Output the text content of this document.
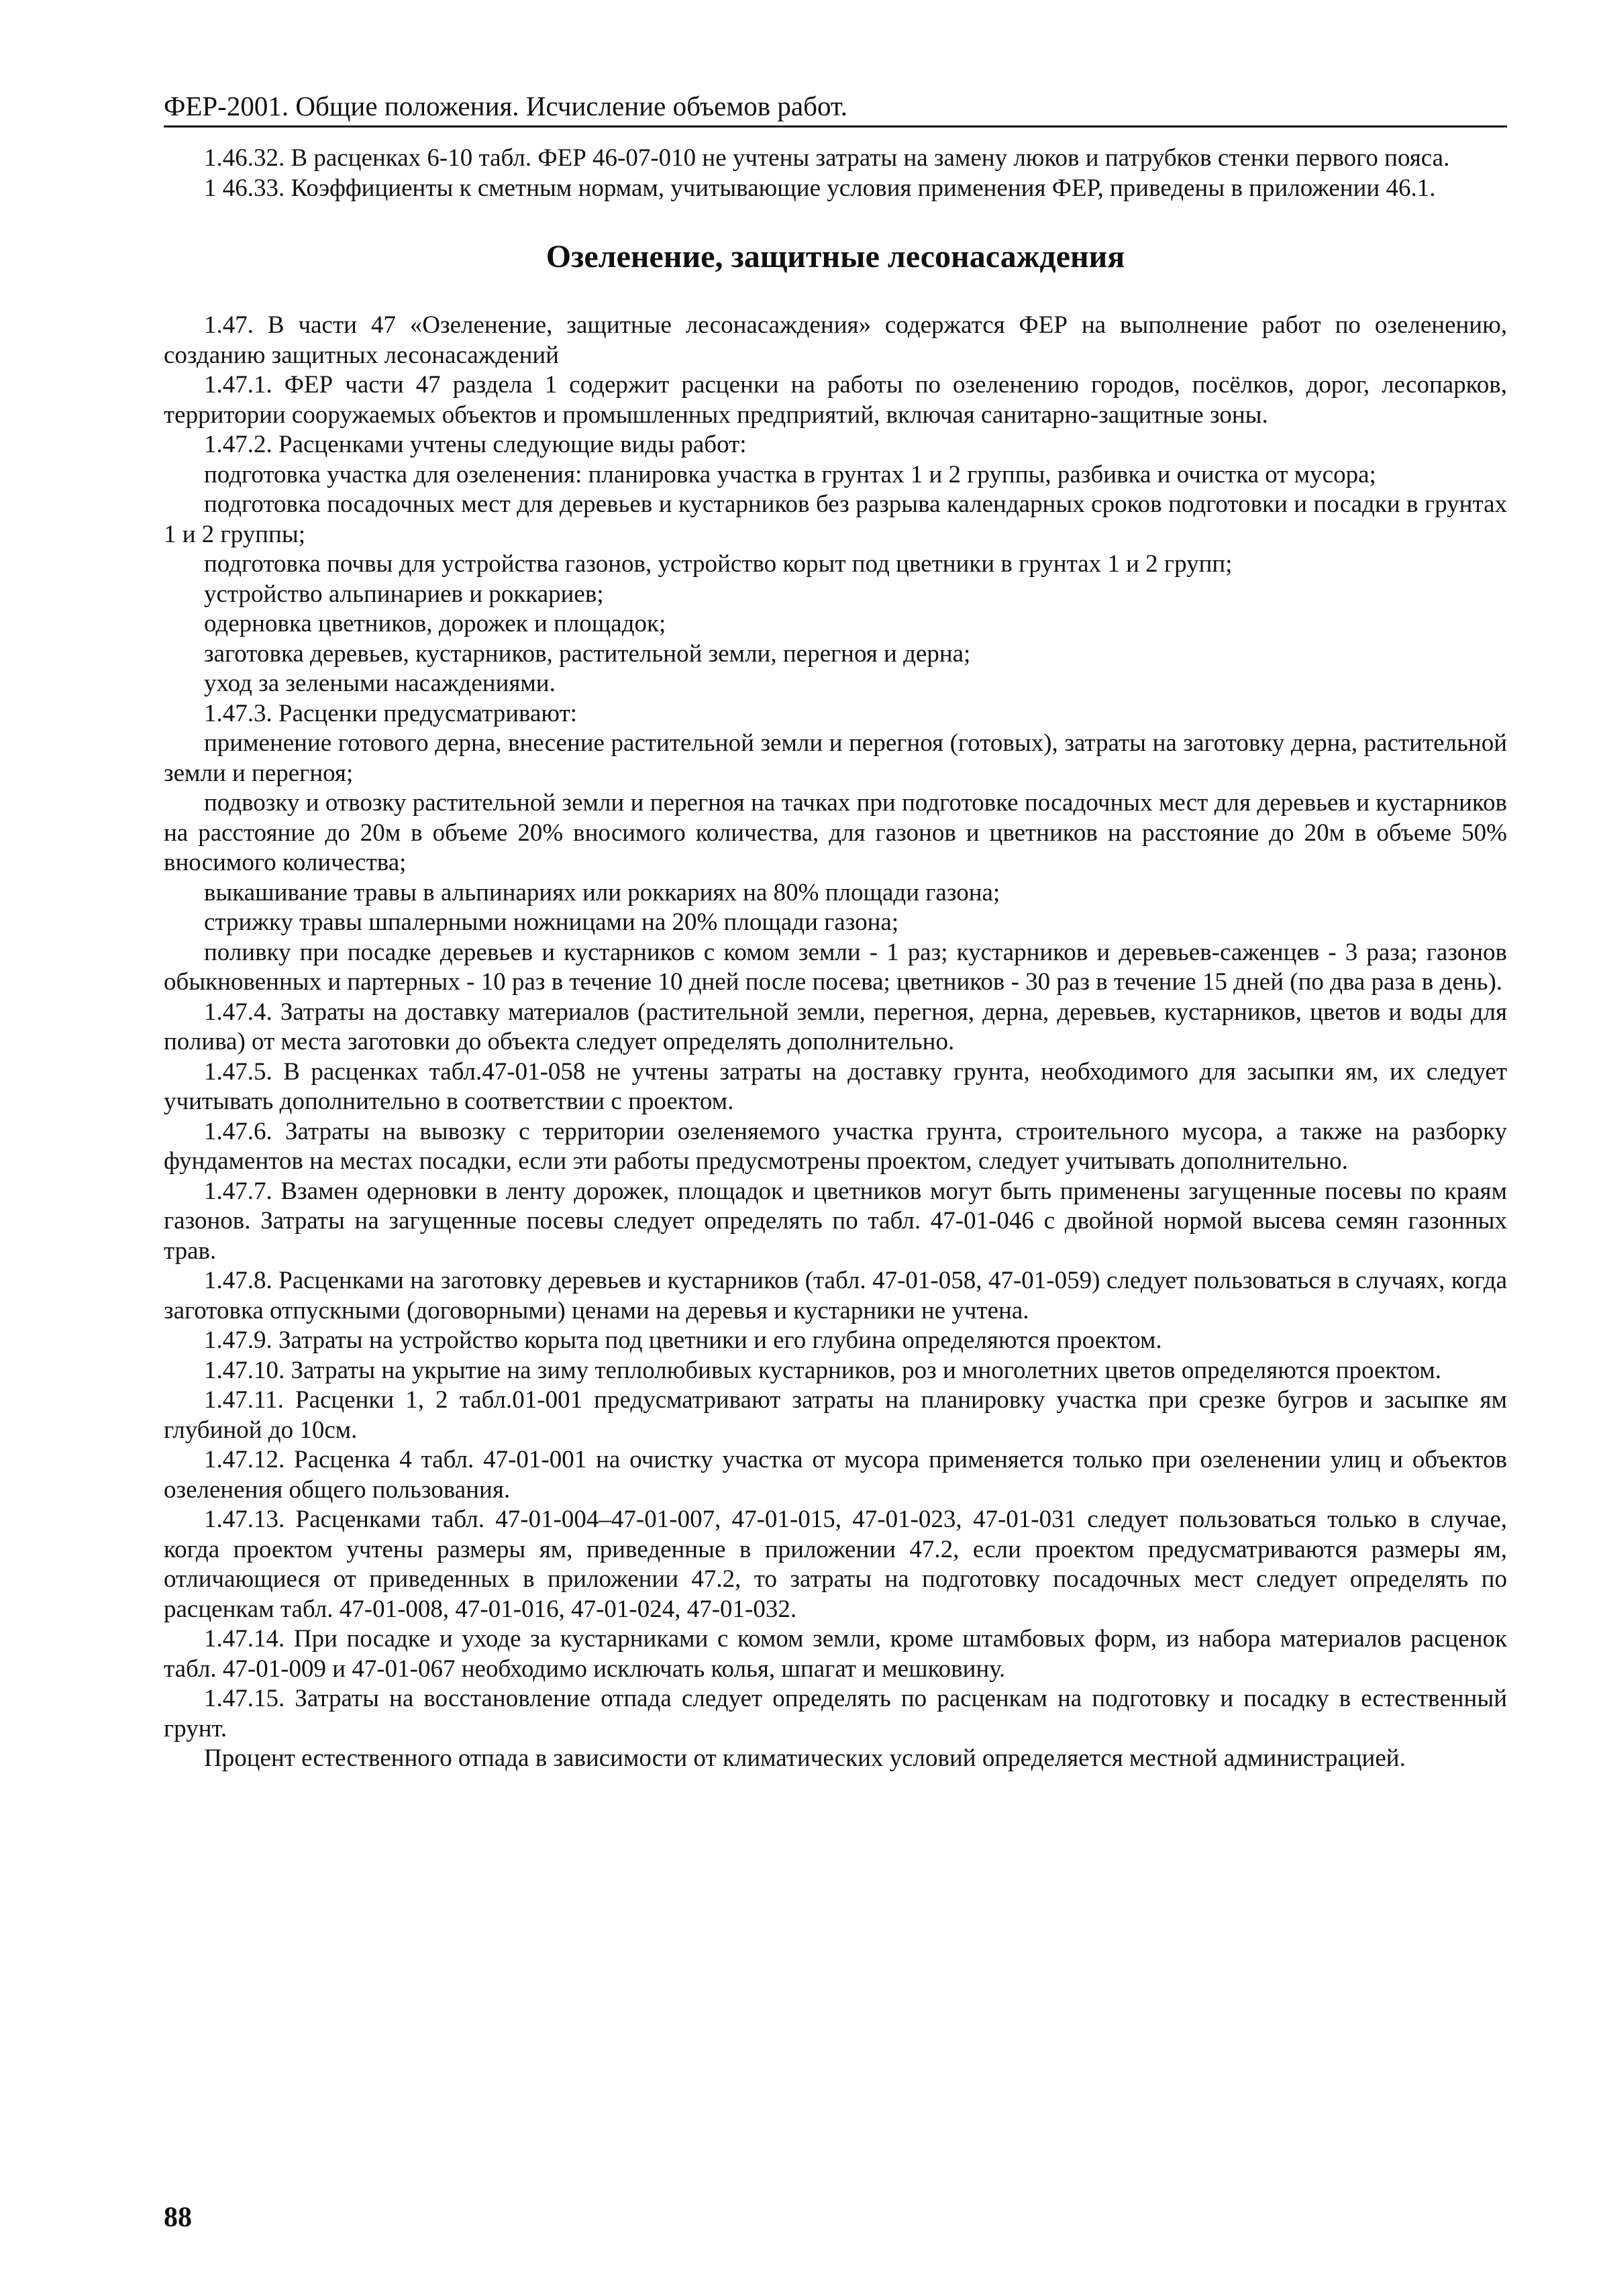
ФЕР-2001. Общие положения. Исчисление объемов работ.

1.46.32. В расценках 6-10 табл. ФЕР 46-07-010 не учтены затраты на замену люков и патрубков стенки первого пояса.

1 46.33. Коэффициенты к сметным нормам, учитывающие условия применения ФЕР, приведены в приложении 46.1.

Озеленение, защитные лесонасаждения

1.47. В части 47 «Озеленение, защитные лесонасаждения» содержатся ФЕР на выполнение работ по озеленению, созданию защитных лесонасаждений

1.47.1. ФЕР части 47 раздела 1 содержит расценки на работы по озеленению городов, посёлков, дорог, лесопарков, территории сооружаемых объектов и промышленных предприятий, включая санитарно-защитные зоны.

1.47.2. Расценками учтены следующие виды работ:

подготовка участка для озеленения: планировка участка в грунтах 1 и 2 группы, разбивка и очистка от мусора;

подготовка посадочных мест для деревьев и кустарников без разрыва календарных сроков подготовки и посадки в грунтах 1 и 2 группы;

подготовка почвы для устройства газонов, устройство корыт под цветники в грунтах 1 и 2 групп;

устройство альпинариев и роккариев;

одерновка цветников, дорожек и площадок;

заготовка деревьев, кустарников, растительной земли, перегноя и дерна;

уход за зелеными насаждениями.

1.47.3. Расценки предусматривают:

применение готового дерна, внесение растительной земли и перегноя (готовых), затраты на заготовку дерна, растительной земли и перегноя;

подвозку и отвозку растительной земли и перегноя на тачках при подготовке посадочных мест для деревьев и кустарников на расстояние до 20м в объеме 20% вносимого количества, для газонов и цветников на расстояние до 20м в объеме 50% вносимого количества;

выкашивание травы в альпинариях или роккариях на 80% площади газона;

стрижку травы шпалерными ножницами на 20% площади газона;

поливку при посадке деревьев и кустарников с комом земли - 1 раз; кустарников и деревьев-саженцев - 3 раза; газонов обыкновенных и партерных - 10 раз в течение 10 дней после посева; цветников - 30 раз в течение 15 дней (по два раза в день).

1.47.4. Затраты на доставку материалов (растительной земли, перегноя, дерна, деревьев, кустарников, цветов и воды для полива) от места заготовки до объекта следует определять дополнительно.

1.47.5. В расценках табл.47-01-058 не учтены затраты на доставку грунта, необходимого для засыпки ям, их следует учитывать дополнительно в соответствии с проектом.

1.47.6. Затраты на вывозку с территории озеленяемого участка грунта, строительного мусора, а также на разборку фундаментов на местах посадки, если эти работы предусмотрены проектом, следует учитывать дополнительно.

1.47.7. Взамен одерновки в ленту дорожек, площадок и цветников могут быть применены загущенные посевы по краям газонов. Затраты на загущенные посевы следует определять по табл. 47-01-046 с двойной нормой высева семян газонных трав.

1.47.8. Расценками на заготовку деревьев и кустарников (табл. 47-01-058, 47-01-059) следует пользоваться в случаях, когда заготовка отпускными (договорными) ценами на деревья и кустарники не учтена.

1.47.9. Затраты на устройство корыта под цветники и его глубина определяются проектом.

1.47.10. Затраты на укрытие на зиму теплолюбивых кустарников, роз и многолетних цветов определяются проектом.

1.47.11. Расценки 1, 2 табл.01-001 предусматривают затраты на планировку участка при срезке бугров и засыпке ям глубиной до 10см.

1.47.12. Расценка 4 табл. 47-01-001 на очистку участка от мусора применяется только при озеленении улиц и объектов озеленения общего пользования.

1.47.13. Расценками табл. 47-01-004–47-01-007, 47-01-015, 47-01-023, 47-01-031 следует пользоваться только в случае, когда проектом учтены размеры ям, приведенные в приложении 47.2, если проектом предусматриваются размеры ям, отличающиеся от приведенных в приложении 47.2, то затраты на подготовку посадочных мест следует определять по расценкам табл. 47-01-008, 47-01-016, 47-01-024, 47-01-032.

1.47.14. При посадке и уходе за кустарниками с комом земли, кроме штамбовых форм, из набора материалов расценок табл. 47-01-009 и 47-01-067 необходимо исключать колья, шпагат и мешковину.

1.47.15. Затраты на восстановление отпада следует определять по расценкам на подготовку и посадку в естественный грунт.

Процент естественного отпада в зависимости от климатических условий определяется местной администрацией.

88
